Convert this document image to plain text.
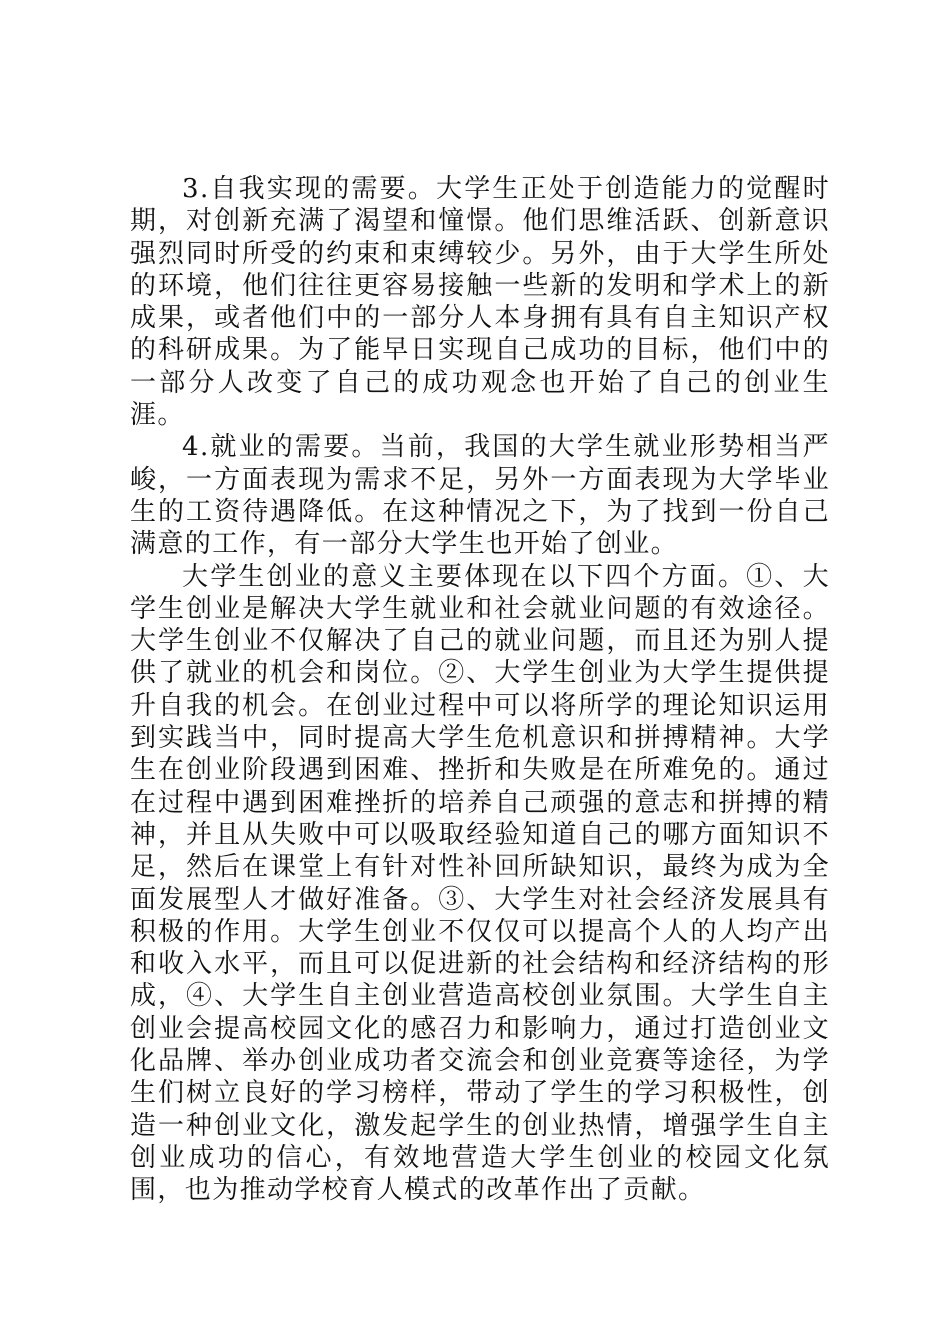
3.自我实现的需要。大学生正处于创造能力的觉醒时期，对创新充满了渴望和憧憬。他们思维活跃、创新意识强烈同时所受的约束和束缚较少。另外，由于大学生所处的环境，他们往往更容易接触一些新的发明和学术上的新成果，或者他们中的一部分人本身拥有具有自主知识产权的科研成果。为了能早日实现自己成功的目标，他们中的一部分人改变了自己的成功观念也开始了自己的创业生涯。

4.就业的需要。当前，我国的大学生就业形势相当严峻，一方面表现为需求不足，另外一方面表现为大学毕业生的工资待遇降低。在这种情况之下，为了找到一份自己满意的工作，有一部分大学生也开始了创业。

大学生创业的意义主要体现在以下四个方面。①、大学生创业是解决大学生就业和社会就业问题的有效途径。大学生创业不仅解决了自己的就业问题，而且还为别人提供了就业的机会和岗位。②、大学生创业为大学生提供提升自我的机会。在创业过程中可以将所学的理论知识运用到实践当中，同时提高大学生危机意识和拼搏精神。大学生在创业阶段遇到困难、挫折和失败是在所难免的。通过在过程中遇到困难挫折的培养自己顽强的意志和拼搏的精神，并且从失败中可以吸取经验知道自己的哪方面知识不足，然后在课堂上有针对性补回所缺知识，最终为成为全面发展型人才做好准备。③、大学生对社会经济发展具有积极的作用。大学生创业不仅仅可以提高个人的人均产出和收入水平，而且可以促进新的社会结构和经济结构的形成，④、大学生自主创业营造高校创业氛围。大学生自主创业会提高校园文化的感召力和影响力，通过打造创业文化品牌、举办创业成功者交流会和创业竞赛等途径，为学生们树立良好的学习榜样，带动了学生的学习积极性，创造一种创业文化，激发起学生的创业热情，增强学生自主创业成功的信心，有效地营造大学生创业的校园文化氛围，也为推动学校育人模式的改革作出了贡献。
